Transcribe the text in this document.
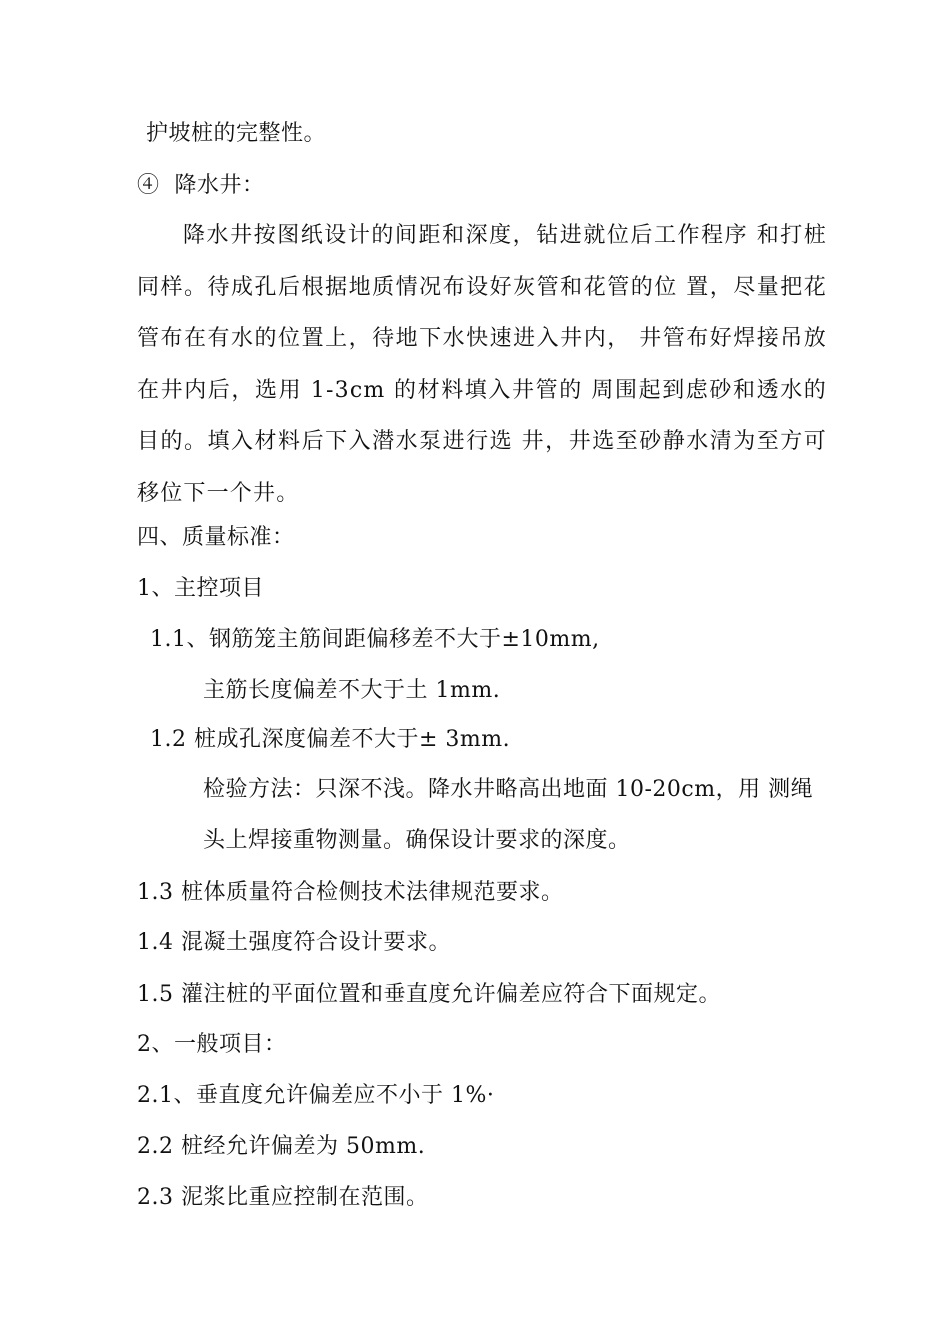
护坡桩的完整性。
④  降水井：
降水井按图纸设计的间距和深度，钻进就位后工作程序 和打桩同样。待成孔后根据地质情况布设好灰管和花管的位 置，尽量把花管布在有水的位置上，待地下水快速进入井内， 井管布好焊接吊放在井内后，选用 1-3cm 的材料填入井管的 周围起到虑砂和透水的目的。填入材料后下入潜水泵进行选 井，井选至砂静水清为至方可移位下一个井。
四、质量标准：
1、主控项目
1.1、钢筋笼主筋间距偏移差不大于±10mm,
主筋长度偏差不大于土 1mm.
1.2 桩成孔深度偏差不大于± 3mm.
检验方法：只深不浅。降水井略高出地面 10-20cm，用 测绳
头上焊接重物测量。确保设计要求的深度。
1.3 桩体质量符合检侧技术法律规范要求。
1.4 混凝土强度符合设计要求。
1.5 灌注桩的平面位置和垂直度允许偏差应符合下面规定。
2、一般项目：
2.1、垂直度允许偏差应不小于 1%·
2.2 桩经允许偏差为 50mm.
2.3 泥浆比重应控制在范围。
